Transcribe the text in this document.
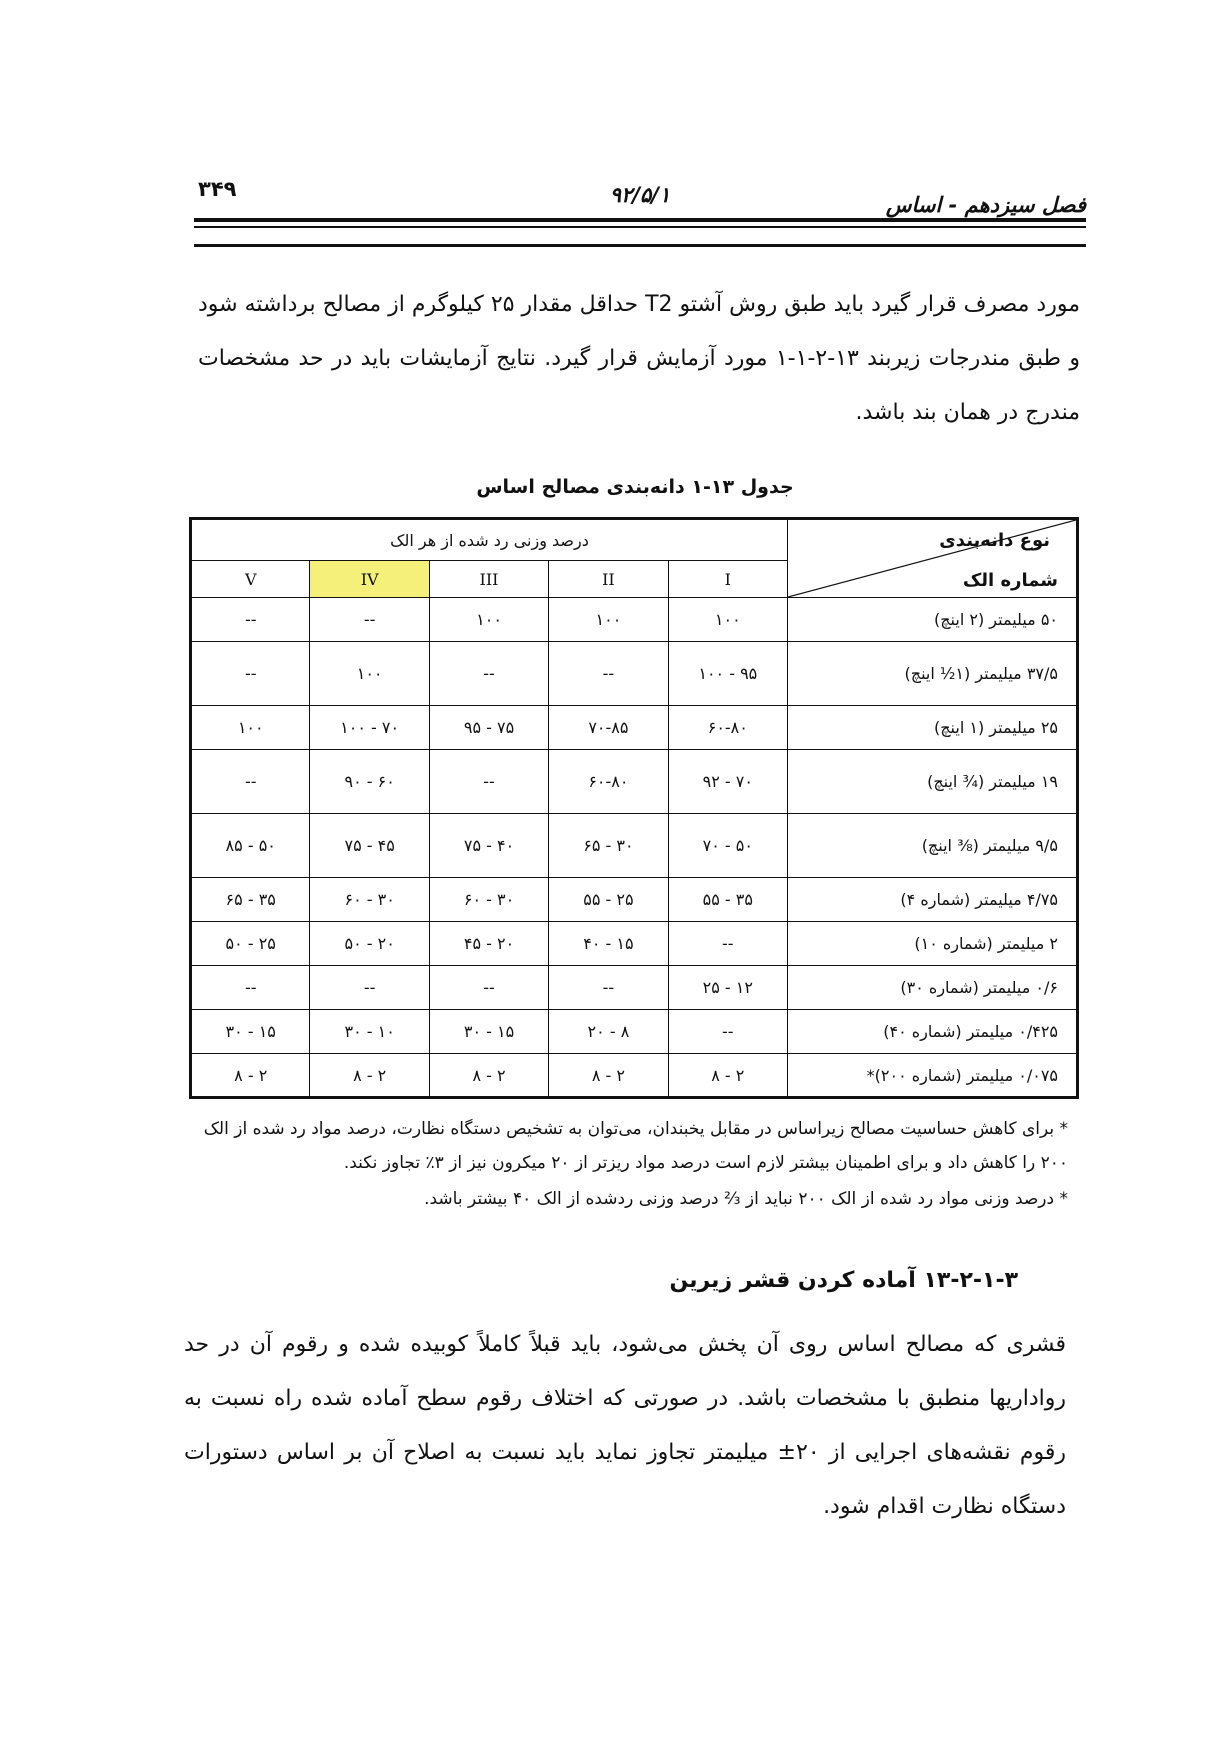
۳۴۹	۹۲/۵/۱	فصل سیزدهم - اساس
مورد مصرف قرار گیرد باید طبق روش آشتو T2 حداقل مقدار ۲۵ کیلوگرم از مصالح برداشته شود و طبق مندرجات زیربند ۱۳-۲-۱-۱ مورد آزمایش قرار گیرد. نتایج آزمایشات باید در حد مشخصات مندرج در همان بند باشد.
جدول ۱۳-۱ دانه‌بندی مصالح اساس
نوع دانه‌بندی
شماره الک	درصد وزنی رد شده از هر الک				
	I	II	III	IV	V
۵۰ میلیمتر (۲ اینچ)	۱۰۰	۱۰۰	۱۰۰	--	--
۳۷/۵ میلیمتر (۱½ اینچ)	۹۵ - ۱۰۰	--	--	۱۰۰	--
۲۵ میلیمتر (۱ اینچ)	۶۰-۸۰	۷۰-۸۵	۷۵ - ۹۵	۷۰ - ۱۰۰	۱۰۰
۱۹ میلیمتر (¾ اینچ)	۷۰ - ۹۲	۶۰-۸۰	--	۶۰ - ۹۰	--
۹/۵ میلیمتر (⅜ اینچ)	۵۰ - ۷۰	۳۰ - ۶۵	۴۰ - ۷۵	۴۵ - ۷۵	۵۰ - ۸۵
۴/۷۵ میلیمتر (شماره ۴)	۳۵ - ۵۵	۲۵ - ۵۵	۳۰ - ۶۰	۳۰ - ۶۰	۳۵ - ۶۵
۲ میلیمتر (شماره ۱۰)	--	۱۵ - ۴۰	۲۰ - ۴۵	۲۰ - ۵۰	۲۵ - ۵۰
۰/۶ میلیمتر (شماره ۳۰)	۱۲ - ۲۵	--	--	--	--
۰/۴۲۵ میلیمتر (شماره ۴۰)	--	۸ - ۲۰	۱۵ - ۳۰	۱۰ - ۳۰	۱۵ - ۳۰
۰/۰۷۵ میلیمتر (شماره ۲۰۰)*	۲ - ۸	۲ - ۸	۲ - ۸	۲ - ۸	۲ - ۸
* برای کاهش حساسیت مصالح زیراساس در مقابل یخبندان، می‌توان به تشخیص دستگاه نظارت، درصد مواد رد شده از الک ۲۰۰ را کاهش داد و برای اطمینان بیشتر لازم است درصد مواد ریزتر از ۲۰ میکرون نیز از ۳٪ تجاوز نکند.
* درصد وزنی مواد رد شده از الک ۲۰۰ نباید از ⅔ درصد وزنی ردشده از الک ۴۰ بیشتر باشد.
۱۳-۲-۱-۳ آماده کردن قشر زیرین
قشری که مصالح اساس روی آن پخش می‌شود، باید قبلاً کاملاً کوبیده شده و رقوم آن در حد رواداریها منطبق با مشخصات باشد. در صورتی که اختلاف رقوم سطح آماده شده راه نسبت به رقوم نقشه‌های اجرایی از ۲۰± میلیمتر تجاوز نماید باید نسبت به اصلاح آن بر اساس دستورات دستگاه نظارت اقدام شود.
